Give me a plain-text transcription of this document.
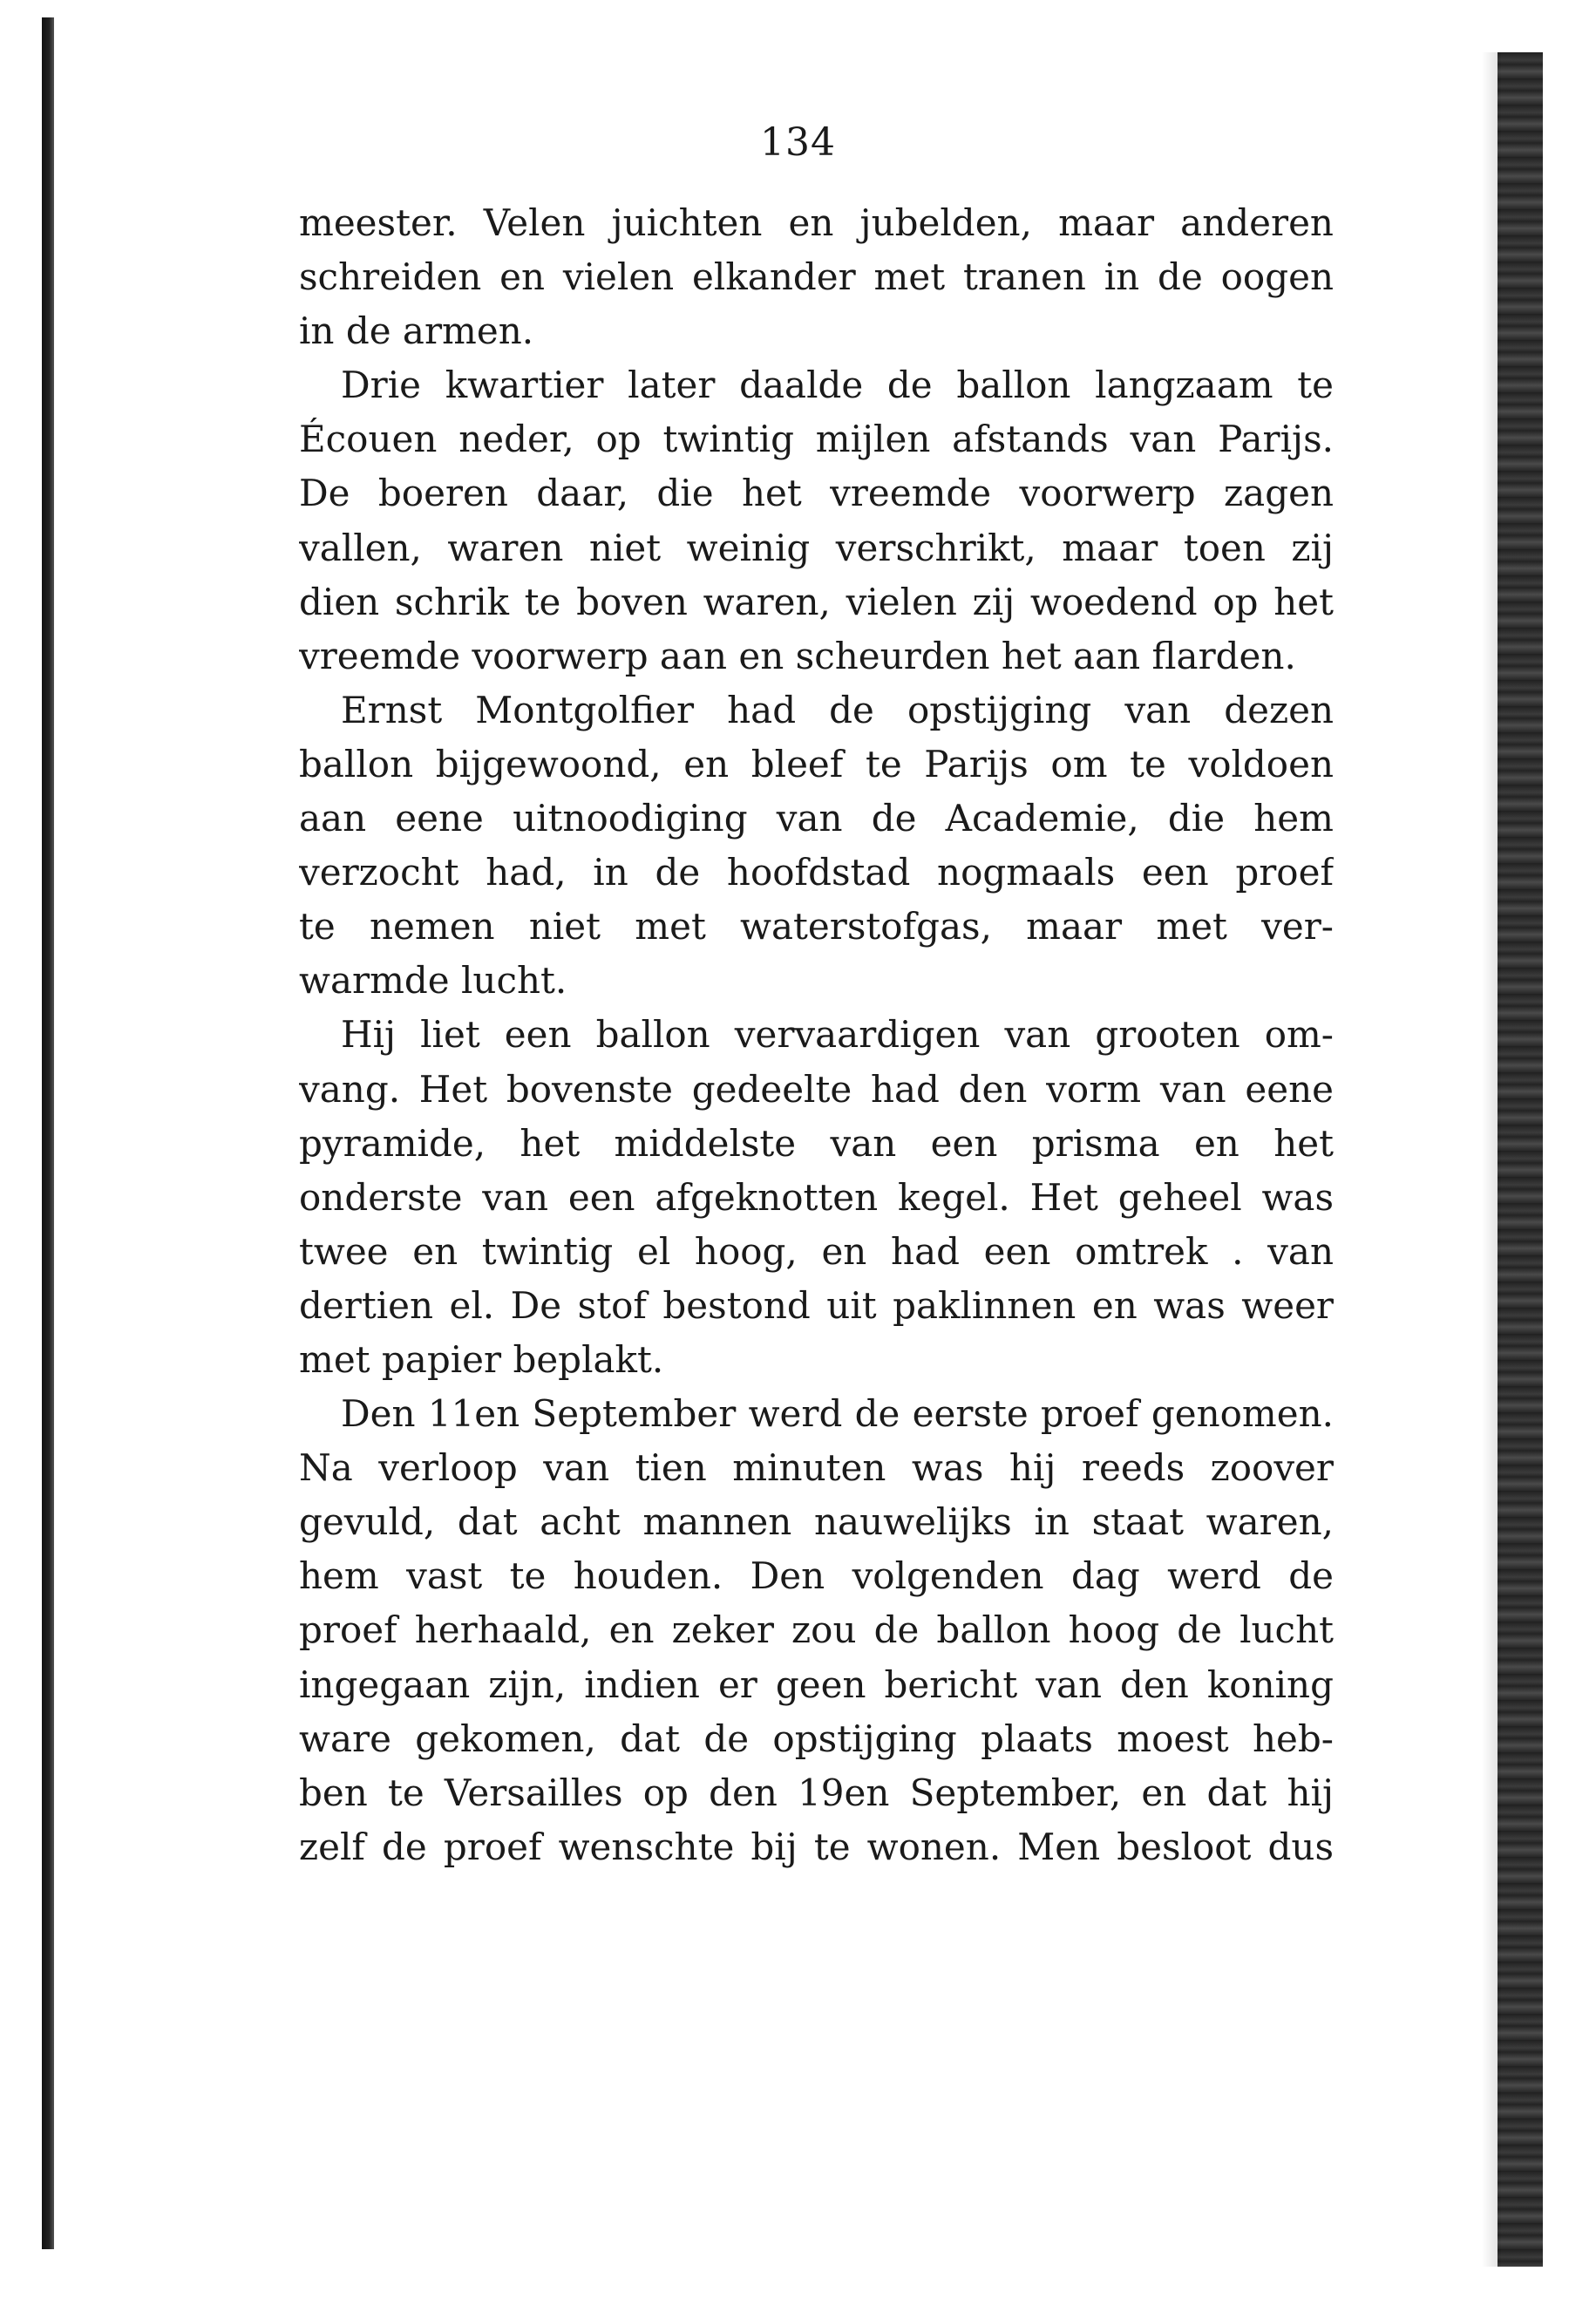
134
meester. Velen juichten en jubelden, maar anderen
schreiden en vielen elkander met tranen in de oogen
in de armen.
Drie kwartier later daalde de ballon langzaam te
Écouen neder, op twintig mijlen afstands van Parijs.
De boeren daar, die het vreemde voorwerp zagen
vallen, waren niet weinig verschrikt, maar toen zij
dien schrik te boven waren, vielen zij woedend op het
vreemde voorwerp aan en scheurden het aan flarden.
Ernst Montgolfier had de opstijging van dezen
ballon bijgewoond, en bleef te Parijs om te voldoen
aan eene uitnoodiging van de Academie, die hem
verzocht had, in de hoofdstad nogmaals een proef
te nemen niet met waterstofgas, maar met ver-
warmde lucht.
Hij liet een ballon vervaardigen van grooten om-
vang. Het bovenste gedeelte had den vorm van eene
pyramide, het middelste van een prisma en het
onderste van een afgeknotten kegel. Het geheel was
twee en twintig el hoog, en had een omtrek . van
dertien el. De stof bestond uit paklinnen en was weer
met papier beplakt.
Den 11en September werd de eerste proef genomen.
Na verloop van tien minuten was hij reeds zoover
gevuld, dat acht mannen nauwelijks in staat waren,
hem vast te houden. Den volgenden dag werd de
proef herhaald, en zeker zou de ballon hoog de lucht
ingegaan zijn, indien er geen bericht van den koning
ware gekomen, dat de opstijging plaats moest heb-
ben te Versailles op den 19en September, en dat hij
zelf de proef wenschte bij te wonen. Men besloot dus
